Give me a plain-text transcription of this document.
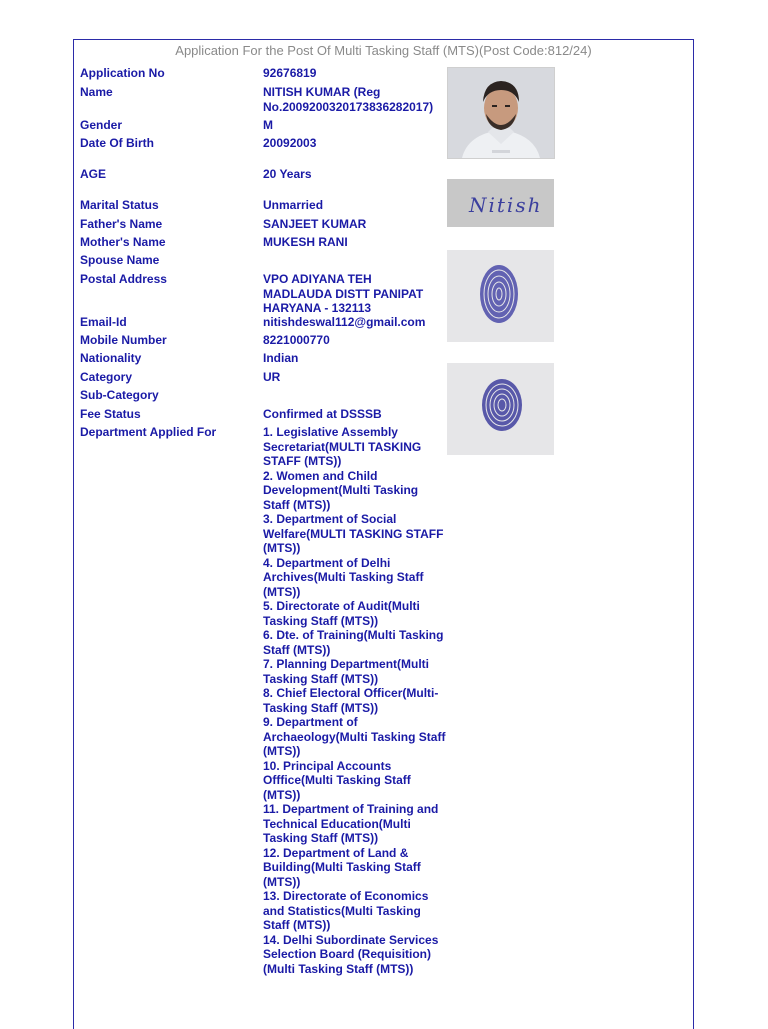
Application For the Post Of Multi Tasking Staff (MTS)(Post Code:812/24)
Application No	92676819
Name	NITISH KUMAR (Reg No.2009200320173836282017)
Gender	M
Date Of Birth	20092003
AGE	20 Years
Marital Status	Unmarried
Father's Name	SANJEET KUMAR
Mother's Name	MUKESH RANI
Spouse Name
Postal Address	VPO ADIYANA TEH MADLAUDA DISTT PANIPAT HARYANA - 132113
Email-Id	nitishdeswal112@gmail.com
Mobile Number	8221000770
Nationality	Indian
Category	UR
Sub-Category
Fee Status	Confirmed at DSSSB
Department Applied For	1. Legislative Assembly Secretariat(MULTI TASKING STAFF (MTS))
2. Women and Child Development(Multi Tasking Staff (MTS))
3. Department of Social Welfare(MULTI TASKING STAFF (MTS))
4. Department of Delhi Archives(Multi Tasking Staff (MTS))
5. Directorate of Audit(Multi Tasking Staff (MTS))
6. Dte. of Training(Multi Tasking Staff (MTS))
7. Planning Department(Multi Tasking Staff (MTS))
8. Chief Electoral Officer(Multi-Tasking Staff (MTS))
9. Department of Archaeology(Multi Tasking Staff (MTS))
10. Principal Accounts Offfice(Multi Tasking Staff (MTS))
11. Department of Training and Technical Education(Multi Tasking Staff (MTS))
12. Department of Land & Building(Multi Tasking Staff (MTS))
13. Directorate of Economics and Statistics(Multi Tasking Staff (MTS))
14. Delhi Subordinate Services Selection Board (Requisition) (Multi Tasking Staff (MTS))
Nitish
